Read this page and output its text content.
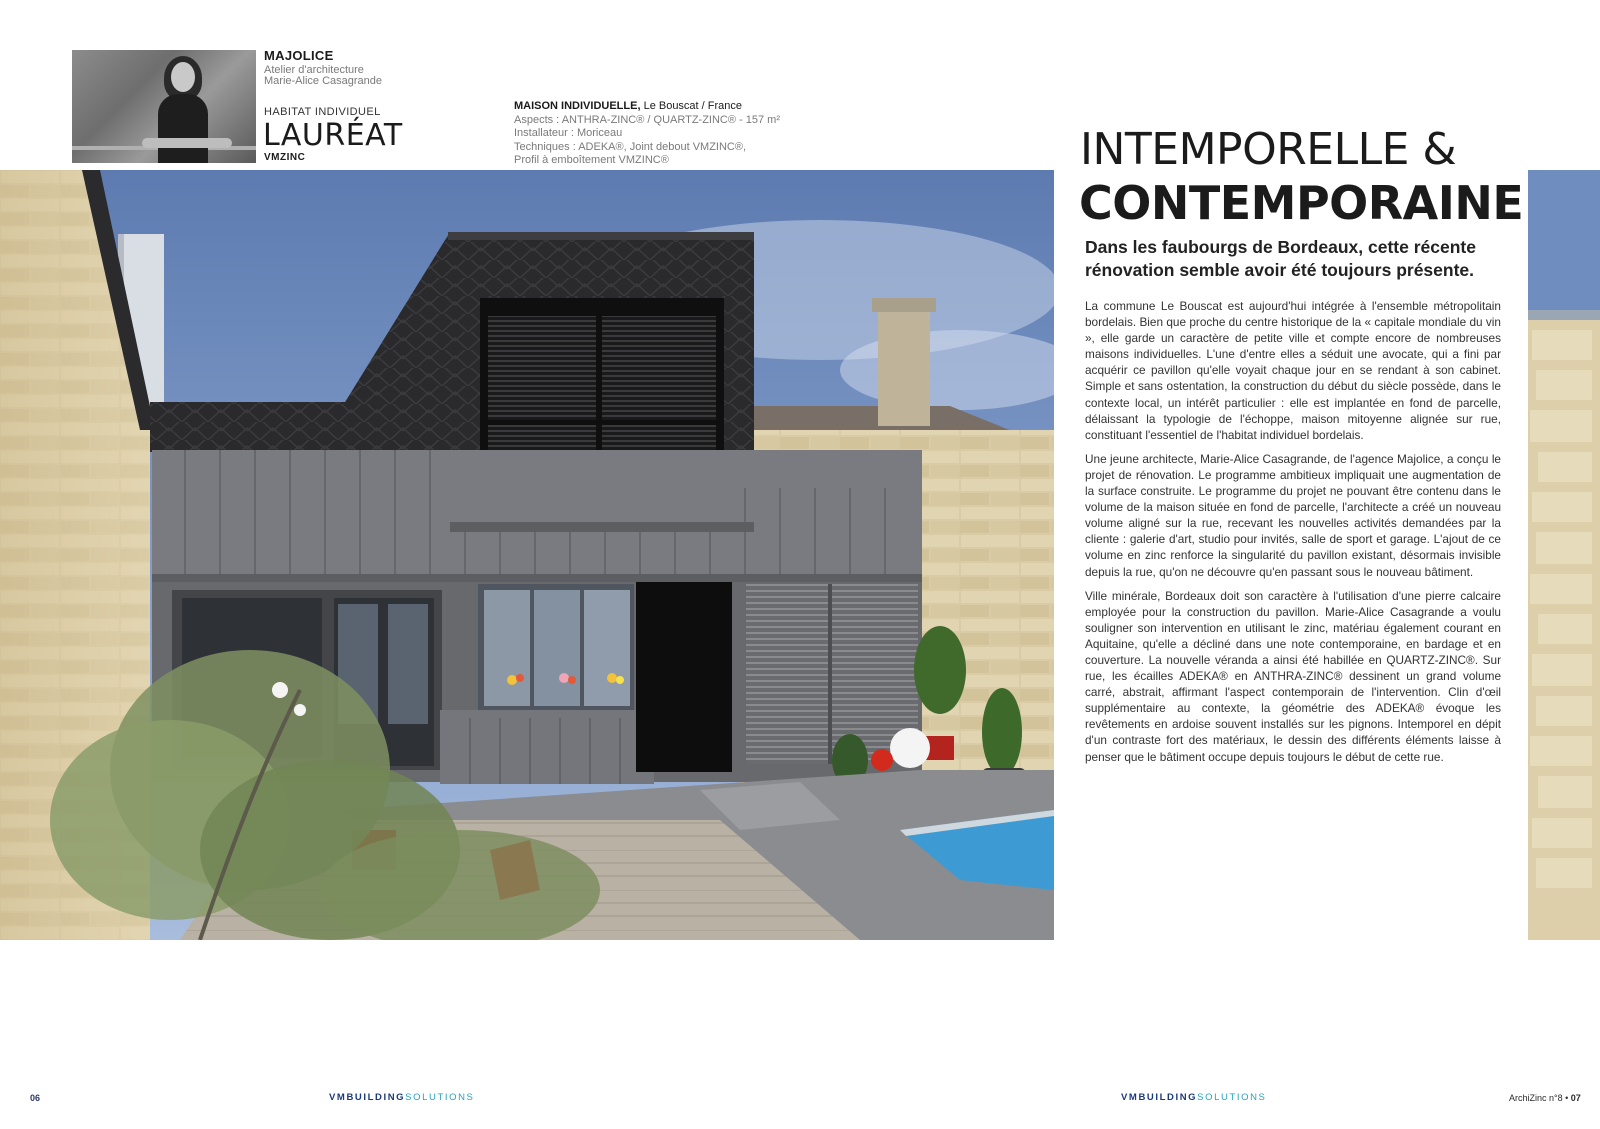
MAJOLICE
Atelier d'architecture
Marie-Alice Casagrande
HABITAT INDIVIDUEL
LAURÉAT
VMZINC
MAISON INDIVIDUELLE, Le Bouscat / France
Aspects : ANTHRA-ZINC® / QUARTZ-ZINC® - 157 m²
Installateur : Moriceau
Techniques : ADEKA®, Joint debout VMZINC®,
Profil à emboîtement VMZINC®	INTEMPORELLE &
CONTEMPORAINE
Dans les faubourgs de Bordeaux, cette récente rénovation semble avoir été toujours présente.

La commune Le Bouscat est aujourd'hui intégrée à l'ensemble métropolitain bordelais. Bien que proche du centre historique de la « capitale mondiale du vin », elle garde un caractère de petite ville et compte encore de nombreuses maisons individuelles. L'une d'entre elles a séduit une avocate, qui a fini par acquérir ce pavillon qu'elle voyait chaque jour en se rendant à son cabinet. Simple et sans ostentation, la construction du début du siècle possède, dans le contexte local, un intérêt particulier : elle est implantée en fond de parcelle, délaissant la typologie de l'échoppe, maison mitoyenne alignée sur rue, constituant l'essentiel de l'habitat individuel bordelais.

Une jeune architecte, Marie-Alice Casagrande, de l'agence Majolice, a conçu le projet de rénovation. Le programme ambitieux impliquait une augmentation de la surface construite. Le programme du projet ne pouvant être contenu dans le volume de la maison située en fond de parcelle, l'architecte a créé un nouveau volume aligné sur la rue, recevant les nouvelles activités demandées par la cliente : galerie d'art, studio pour invités, salle de sport et garage. L'ajout de ce volume en zinc renforce la singularité du pavillon existant, désormais invisible depuis la rue, qu'on ne découvre qu'en passant sous le nouveau bâtiment.

Ville minérale, Bordeaux doit son caractère à l'utilisation d'une pierre calcaire employée pour la construction du pavillon. Marie-Alice Casagrande a voulu souligner son intervention en utilisant le zinc, matériau également courant en Aquitaine, qu'elle a décliné dans une note contemporaine, en bardage et en couverture. La nouvelle véranda a ainsi été habillée en QUARTZ-ZINC®. Sur rue, les écailles ADEKA® en ANTHRA-ZINC® dessinent un grand volume carré, abstrait, affirmant l'aspect contemporain de l'intervention. Clin d'œil supplémentaire au contexte, la géométrie des ADEKA® évoque les revêtements en ardoise souvent installés sur les pignons. Intemporel en dépit d'un contraste fort des matériaux, le dessin des différents éléments laisse à penser que le bâtiment occupe depuis toujours le début de cette rue.

06	VMBUILDINGSOLUTIONS	VMBUILDINGSOLUTIONS	ArchiZinc n°8 • 07
